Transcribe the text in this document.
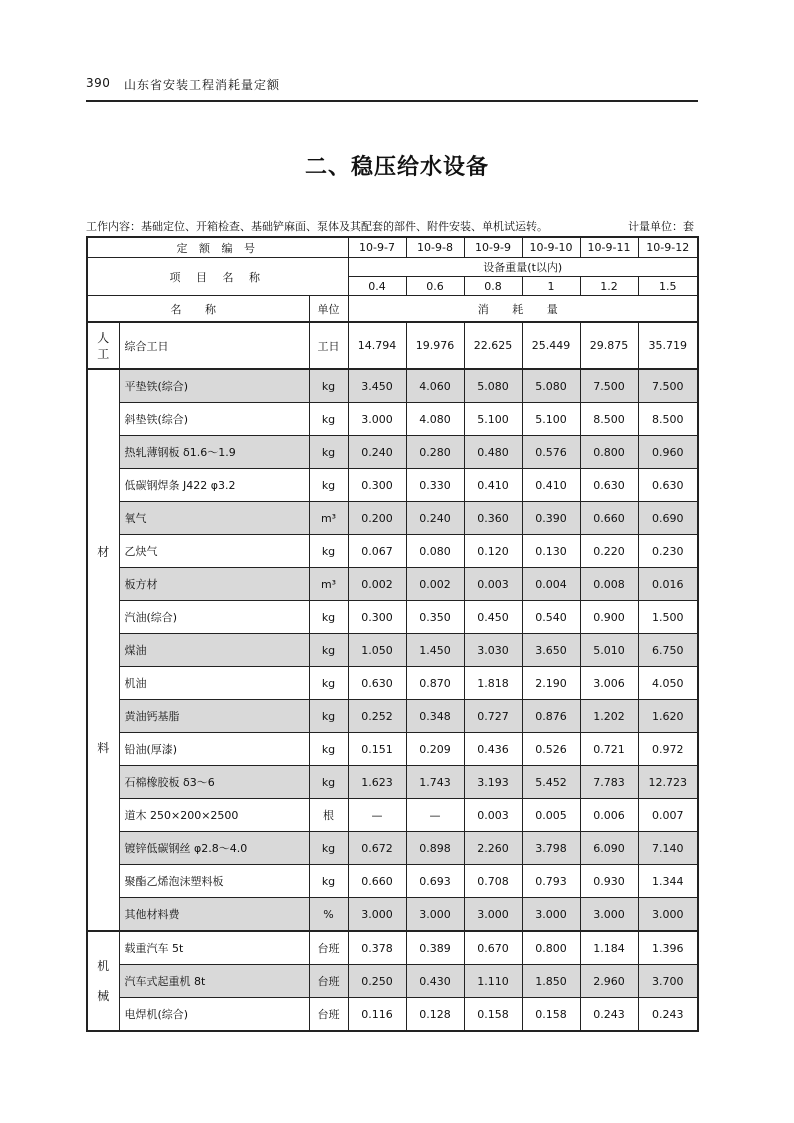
390 山东省安装工程消耗量定额
二、稳压给水设备
工作内容：基础定位、开箱检查、基础铲麻面、泵体及其配套的部件、附件安装、单机试运转。	计量单位：套
定 额 编 号			10-9-7	10-9-8	10-9-9	10-9-10	10-9-11	10-9-12
项 目 名 称			设备重量(t以内)					
			0.4	0.6	0.8	1	1.2	1.5
名 称		单位	消 耗 量					
人工	综合工日	工日	14.794	19.976	22.625	25.449	29.875	35.719

材
料	平垫铁(综合)	kg	3.450	4.060	5.080	5.080	7.500	7.500
	斜垫铁(综合)	kg	3.000	4.080	5.100	5.100	8.500	8.500
	热轧薄钢板 δ1.6～1.9	kg	0.240	0.280	0.480	0.576	0.800	0.960
	低碳钢焊条 J422 φ3.2	kg	0.300	0.330	0.410	0.410	0.630	0.630
	氧气	m³	0.200	0.240	0.360	0.390	0.660	0.690
	乙炔气	kg	0.067	0.080	0.120	0.130	0.220	0.230
	板方材	m³	0.002	0.002	0.003	0.004	0.008	0.016
	汽油(综合)	kg	0.300	0.350	0.450	0.540	0.900	1.500
	煤油	kg	1.050	1.450	3.030	3.650	5.010	6.750
	机油	kg	0.630	0.870	1.818	2.190	3.006	4.050
	黄油钙基脂	kg	0.252	0.348	0.727	0.876	1.202	1.620
	铅油(厚漆)	kg	0.151	0.209	0.436	0.526	0.721	0.972
	石棉橡胶板 δ3～6	kg	1.623	1.743	3.193	5.452	7.783	12.723
	道木 250×200×2500	根	—	—	0.003	0.005	0.006	0.007
	镀锌低碳钢丝 φ2.8～4.0	kg	0.672	0.898	2.260	3.798	6.090	7.140
	聚酯乙烯泡沫塑料板	kg	0.660	0.693	0.708	0.793	0.930	1.344
	其他材料费	%	3.000	3.000	3.000	3.000	3.000	3.000

机
械	载重汽车 5t	台班	0.378	0.389	0.670	0.800	1.184	1.396
	汽车式起重机 8t	台班	0.250	0.430	1.110	1.850	2.960	3.700
	电焊机(综合)	台班	0.116	0.128	0.158	0.158	0.243	0.243
